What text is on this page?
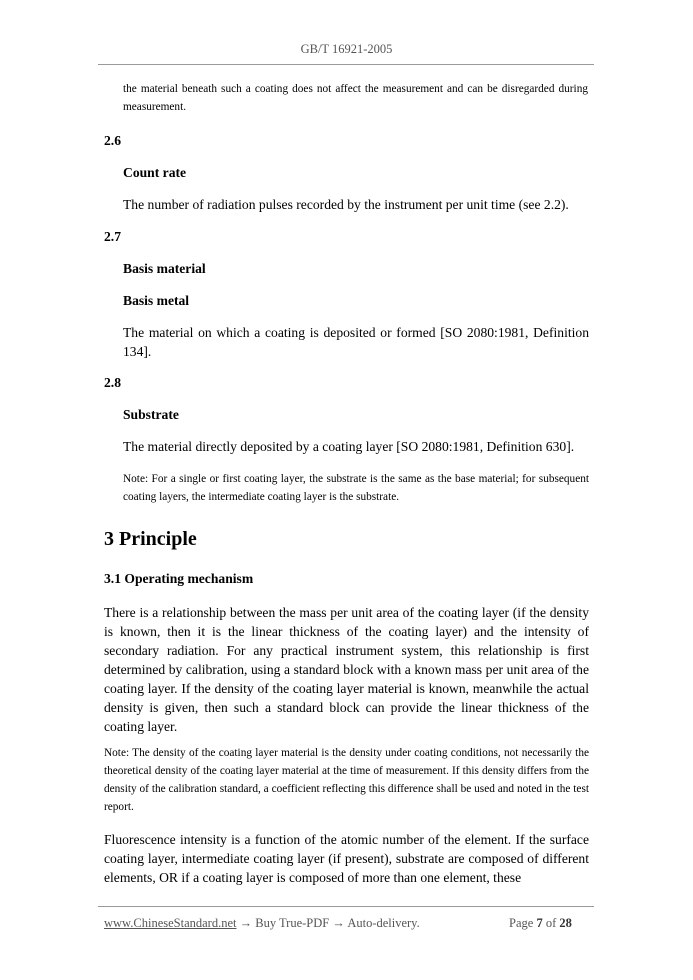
GB/T 16921-2005
the material beneath such a coating does not affect the measurement and can be disregarded during measurement.
2.6
Count rate
The number of radiation pulses recorded by the instrument per unit time (see 2.2).
2.7
Basis material
Basis metal
The material on which a coating is deposited or formed [SO 2080:1981, Definition 134].
2.8
Substrate
The material directly deposited by a coating layer [SO 2080:1981, Definition 630].
Note: For a single or first coating layer, the substrate is the same as the base material; for subsequent coating layers, the intermediate coating layer is the substrate.
3 Principle
3.1 Operating mechanism
There is a relationship between the mass per unit area of the coating layer (if the density is known, then it is the linear thickness of the coating layer) and the intensity of secondary radiation. For any practical instrument system, this relationship is first determined by calibration, using a standard block with a known mass per unit area of the coating layer. If the density of the coating layer material is known, meanwhile the actual density is given, then such a standard block can provide the linear thickness of the coating layer.
Note: The density of the coating layer material is the density under coating conditions, not necessarily the theoretical density of the coating layer material at the time of measurement. If this density differs from the density of the calibration standard, a coefficient reflecting this difference shall be used and noted in the test report.
Fluorescence intensity is a function of the atomic number of the element. If the surface coating layer, intermediate coating layer (if present), substrate are composed of different elements, OR if a coating layer is composed of more than one element, these
www.ChineseStandard.net → Buy True-PDF → Auto-delivery.	Page 7 of 28
